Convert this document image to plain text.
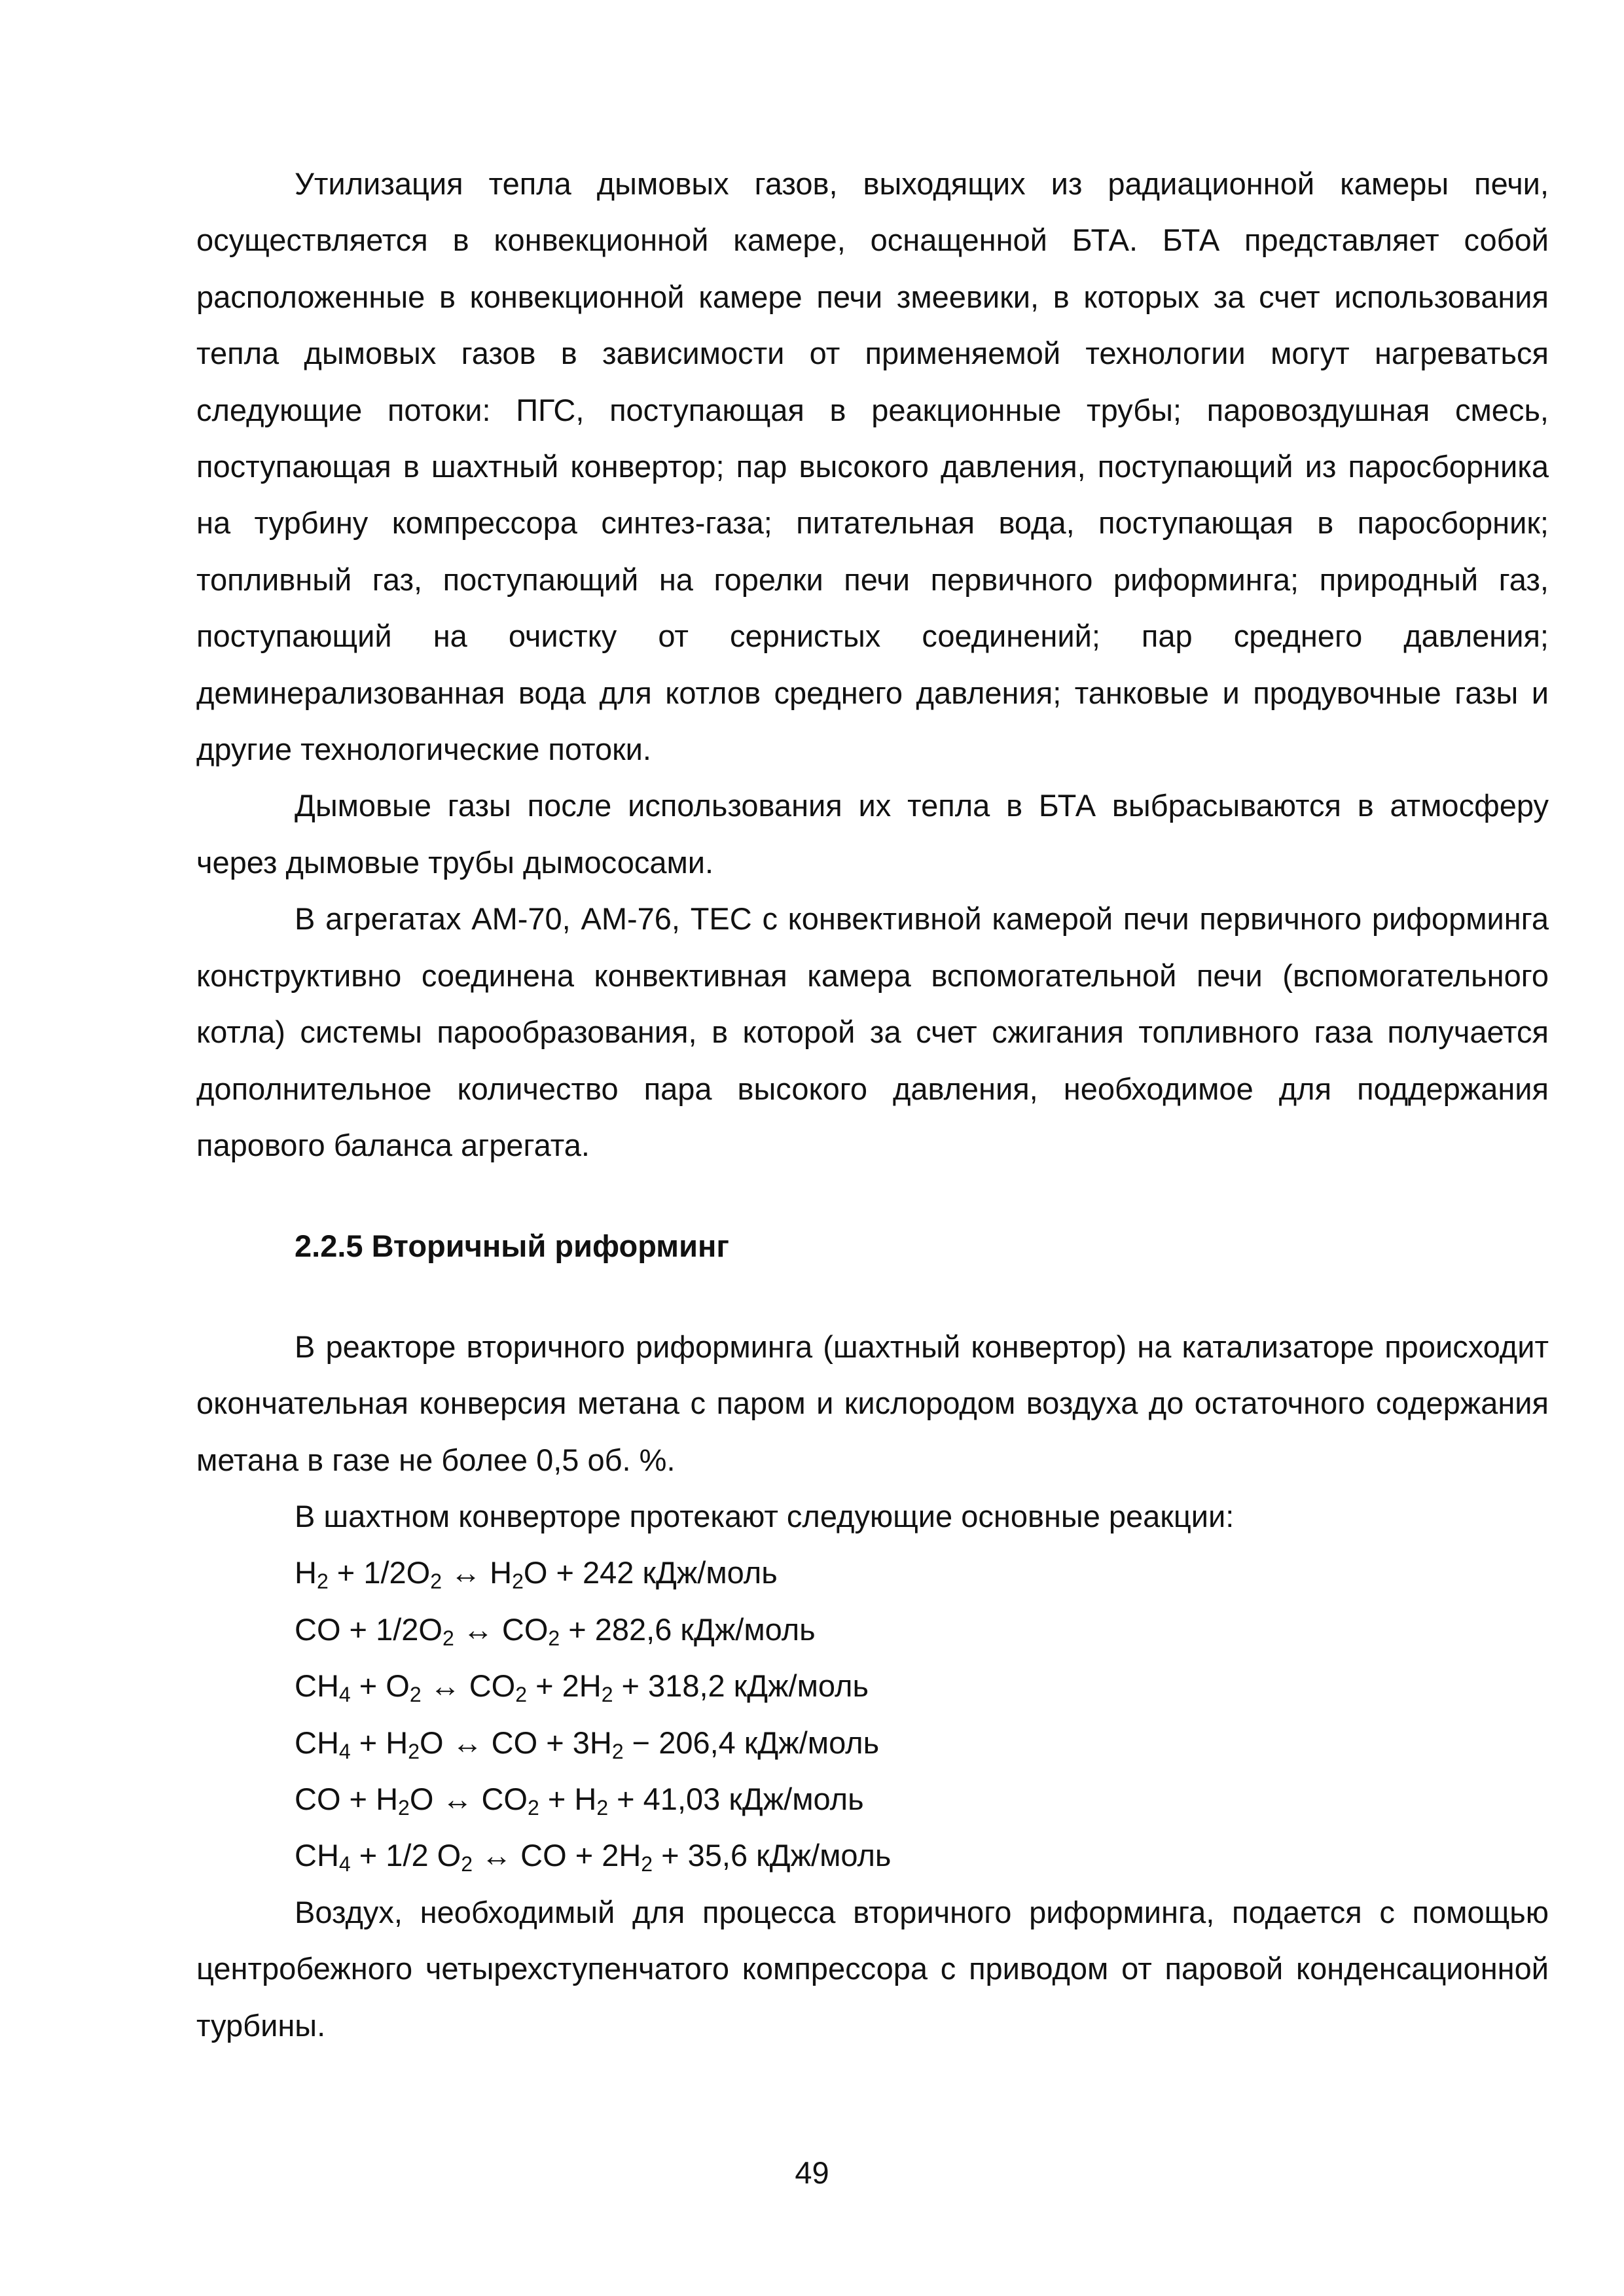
Утилизация тепла дымовых газов, выходящих из радиационной камеры печи, осуществляется в конвекционной камере, оснащенной БТА. БТА представляет собой расположенные в конвекционной камере печи змеевики, в которых за счет использования тепла дымовых газов в зависимости от применяемой технологии могут нагреваться следующие потоки: ПГС, поступающая в реакционные трубы; паровоздушная смесь, поступающая в шахтный конвертор; пар высокого давления, поступающий из паросборника на турбину компрессора синтез-газа; питательная вода, поступающая в паросборник; топливный газ, поступающий на горелки печи первичного риформинга; природный газ, поступающий на очистку от сернистых соединений; пар среднего давления; деминерализованная вода для котлов среднего давления; танковые и продувочные газы и другие технологические потоки.

Дымовые газы после использования их тепла в БТА выбрасываются в атмосферу через дымовые трубы дымососами.

В агрегатах АМ-70, АМ-76, ТЕС с конвективной камерой печи первичного риформинга конструктивно соединена конвективная камера вспомогательной печи (вспомогательного котла) системы парообразования, в которой за счет сжигания топливного газа получается дополнительное количество пара высокого давления, необходимое для поддержания парового баланса агрегата.

2.2.5 Вторичный риформинг

В реакторе вторичного риформинга (шахтный конвертор) на катализаторе происходит окончательная конверсия метана с паром и кислородом воздуха до остаточного содержания метана в газе не более 0,5 об. %.

В шахтном конверторе протекают следующие основные реакции:

$H_2 + 1/2O_2$ ↔ $H_2O + 242$ кДж/моль

CO + $1/2O_2$ ↔ $CO_2 + 282,6$ кДж/моль

$CH_4 + O_2$ ↔ $CO_2 + 2H_2 + 318,2$ кДж/моль

$CH_4 + H_2O$ ↔ CO + $3H_2 - 206,4$ кДж/моль

CO + $H_2O$ ↔ $CO_2 + H_2 + 41,03$ кДж/моль

$CH_4 + 1/2$ $O_2$ ↔ CO + $2H_2 + 35,6$ кДж/моль

Воздух, необходимый для процесса вторичного риформинга, подается с помощью центробежного четырехступенчатого компрессора с приводом от паровой конденсационной турбины.

49
